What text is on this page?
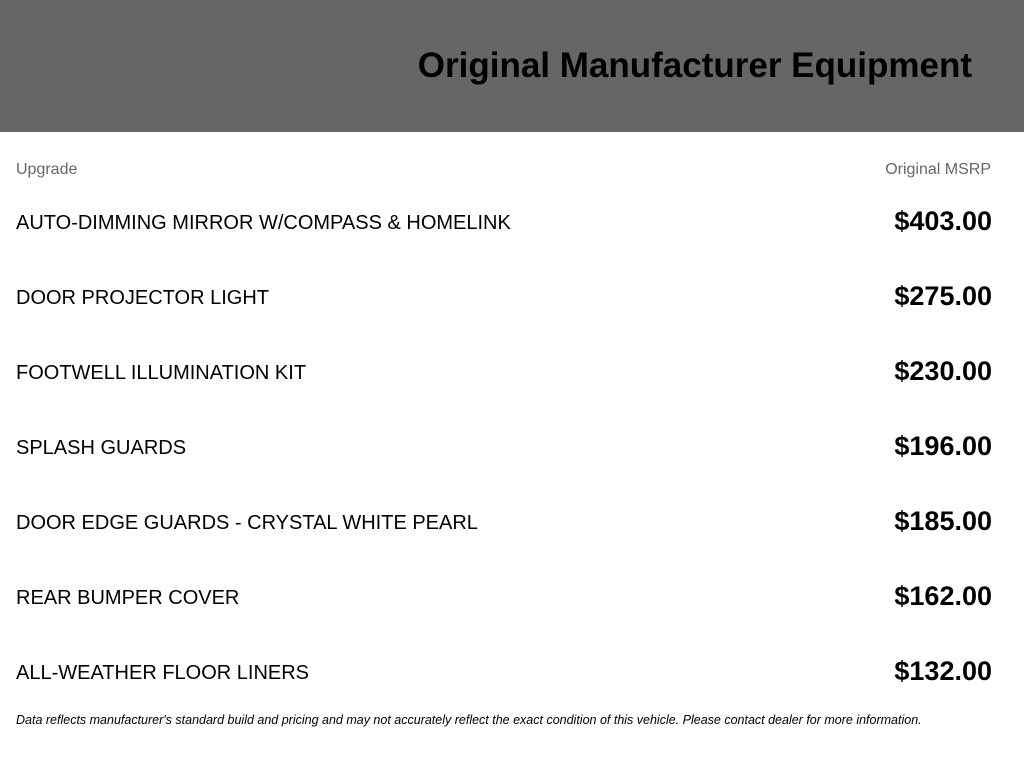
Original Manufacturer Equipment
Upgrade	Original MSRP
AUTO-DIMMING MIRROR W/COMPASS & HOMELINK	$403.00
DOOR PROJECTOR LIGHT	$275.00
FOOTWELL ILLUMINATION KIT	$230.00
SPLASH GUARDS	$196.00
DOOR EDGE GUARDS - CRYSTAL WHITE PEARL	$185.00
REAR BUMPER COVER	$162.00
ALL-WEATHER FLOOR LINERS	$132.00

Data reflects manufacturer's standard build and pricing and may not accurately reflect the exact condition of this vehicle. Please contact dealer for more information.
